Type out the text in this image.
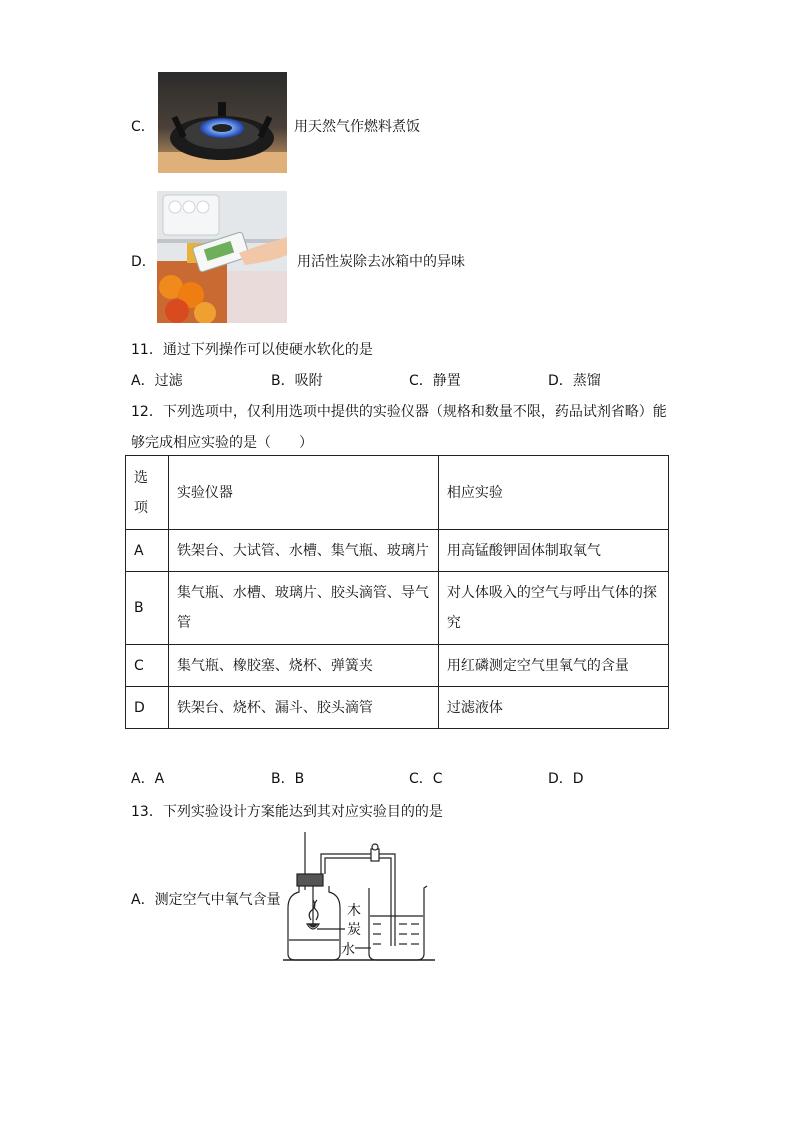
C．	用天然气作燃料煮饭
D．	用活性炭除去冰箱中的异味
11．通过下列操作可以使硬水软化的是
A．过滤	B．吸附	C．静置	D．蒸馏
12．下列选项中，仅利用选项中提供的实验仪器（规格和数量不限，药品试剂省略）能
够完成相应实验的是（　　）
选项	实验仪器	相应实验
A	铁架台、大试管、水槽、集气瓶、玻璃片	用高锰酸钾固体制取氧气
B	集气瓶、水槽、玻璃片、胶头滴管、导气管	对人体吸入的空气与呼出气体的探究
C	集气瓶、橡胶塞、烧杯、弹簧夹	用红磷测定空气里氧气的含量
D	铁架台、烧杯、漏斗、胶头滴管	过滤液体
A．A	B．B	C．C	D．D
13．下列实验设计方案能达到其对应实验目的的是
A．测定空气中氧气含量
木
炭
水
